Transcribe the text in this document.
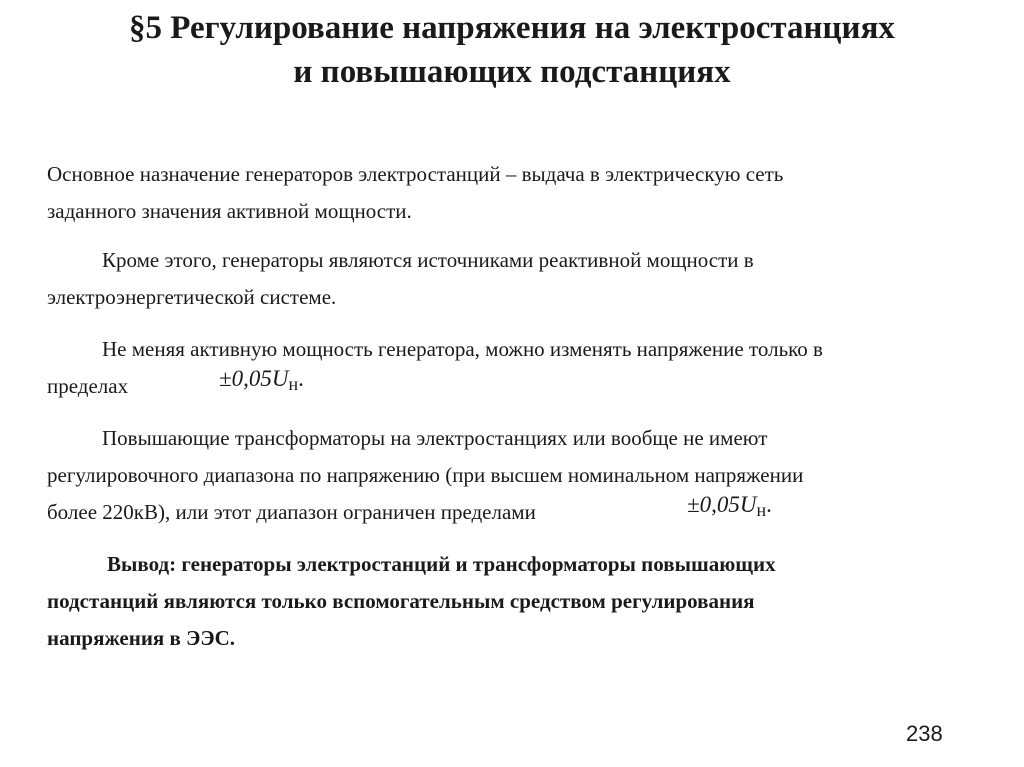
§5 Регулирование напряжения на электростанциях
и повышающих подстанциях
Основное назначение генераторов электростанций – выдача в электрическую сеть
заданного значения активной мощности.
Кроме этого, генераторы являются источниками реактивной мощности в
электроэнергетической системе.
Не меняя активную мощность генератора, можно изменять напряжение только в
пределах	$\pm 0,05U_н$.
Повышающие трансформаторы на электростанциях или вообще не имеют
регулировочного диапазона по напряжению (при высшем номинальном напряжении
более 220кВ), или этот диапазон ограничен пределами	$\pm 0,05U_н$.
Вывод: генераторы электростанций и трансформаторы повышающих
подстанций являются только вспомогательным средством регулирования
напряжения в ЭЭС.
238
